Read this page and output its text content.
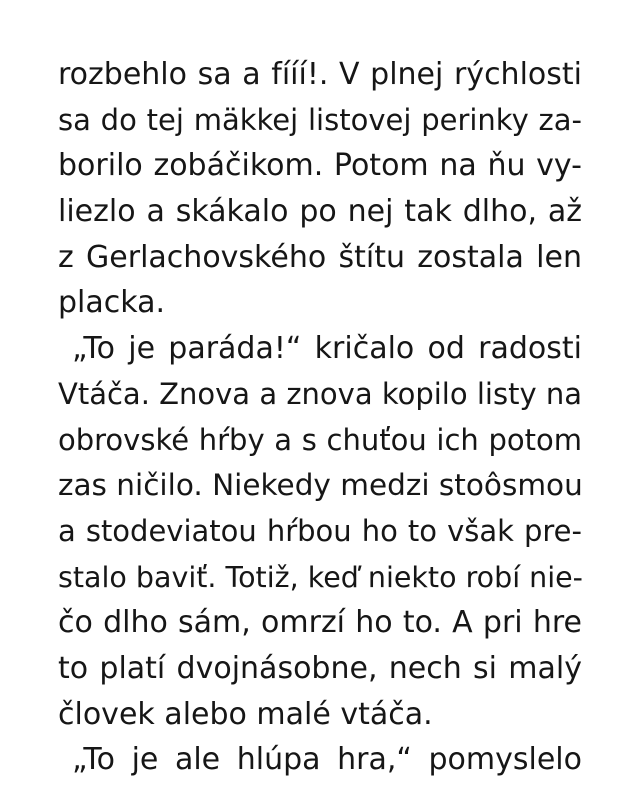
rozbehlo sa a fííí!. V plnej rýchlosti
sa do tej mäkkej listovej perinky za-
borilo zobáčikom. Potom na ňu vy-
liezlo a skákalo po nej tak dlho, až
z Gerlachovského štítu zostala len
placka.
„To je paráda!“ kričalo od radosti
Vtáča. Znova a znova kopilo listy na
obrovské hŕby a s chuťou ich potom
zas ničilo. Niekedy medzi stoôsmou
a stodeviatou hŕbou ho to však pre-
stalo baviť. Totiž, keď niekto robí nie-
čo dlho sám, omrzí ho to. A pri hre
to platí dvojnásobne, nech si malý
človek alebo malé vtáča.
„To je ale hlúpa hra,“ pomyslelo
